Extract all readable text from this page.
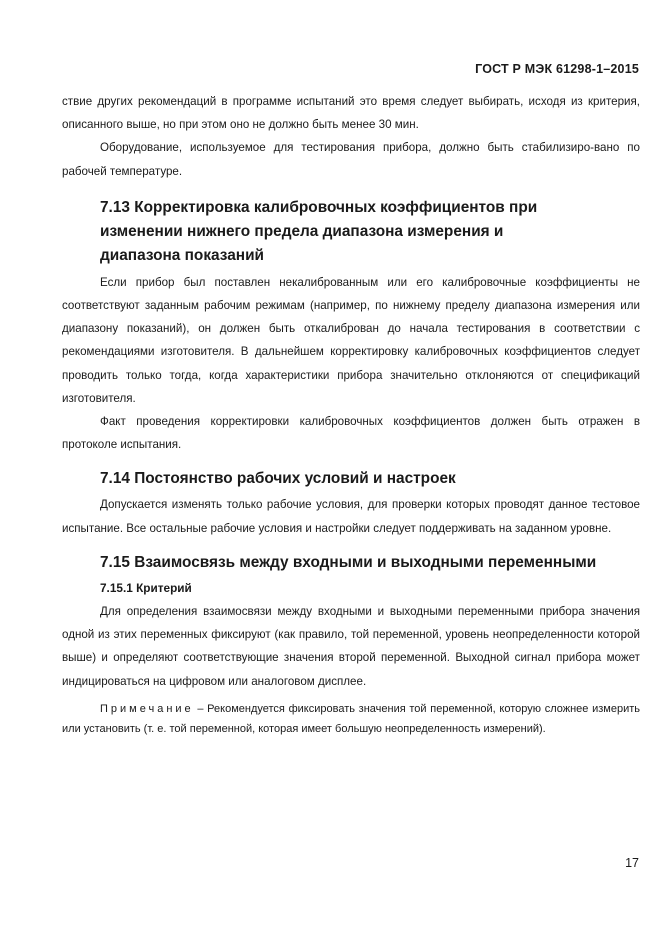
ГОСТ Р МЭК 61298-1–2015

ствие других рекомендаций в программе испытаний это время следует выбирать, исходя из критерия, описанного выше, но при этом оно не должно быть менее 30 мин.

Оборудование, используемое для тестирования прибора, должно быть стабилизиро-вано по рабочей температуре.

7.13 Корректировка калибровочных коэффициентов при изменении нижнего предела диапазона измерения и диапазона показаний

Если прибор был поставлен некалиброванным или его калибровочные коэффициенты не соответствуют заданным рабочим режимам (например, по нижнему пределу диапазона измерения или диапазону показаний), он должен быть откалиброван до начала тестирования в соответствии с рекомендациями изготовителя. В дальнейшем корректировку калибровочных коэффициентов следует проводить только тогда, когда характеристики прибора значительно отклоняются от спецификаций изготовителя.

Факт проведения корректировки калибровочных коэффициентов должен быть отражен в протоколе испытания.

7.14 Постоянство рабочих условий и настроек

Допускается изменять только рабочие условия, для проверки которых проводят данное тестовое испытание. Все остальные рабочие условия и настройки следует поддерживать на заданном уровне.

7.15 Взаимосвязь между входными и выходными переменными
7.15.1 Критерий

Для определения взаимосвязи между входными и выходными переменными прибора значения одной из этих переменных фиксируют (как правило, той переменной, уровень неопределенности которой выше) и определяют соответствующие значения второй переменной. Выходной сигнал прибора может индицироваться на цифровом или аналоговом дисплее.

Примечание – Рекомендуется фиксировать значения той переменной, которую сложнее измерить или установить (т. е. той переменной, которая имеет большую неопределенность измерений).

17
